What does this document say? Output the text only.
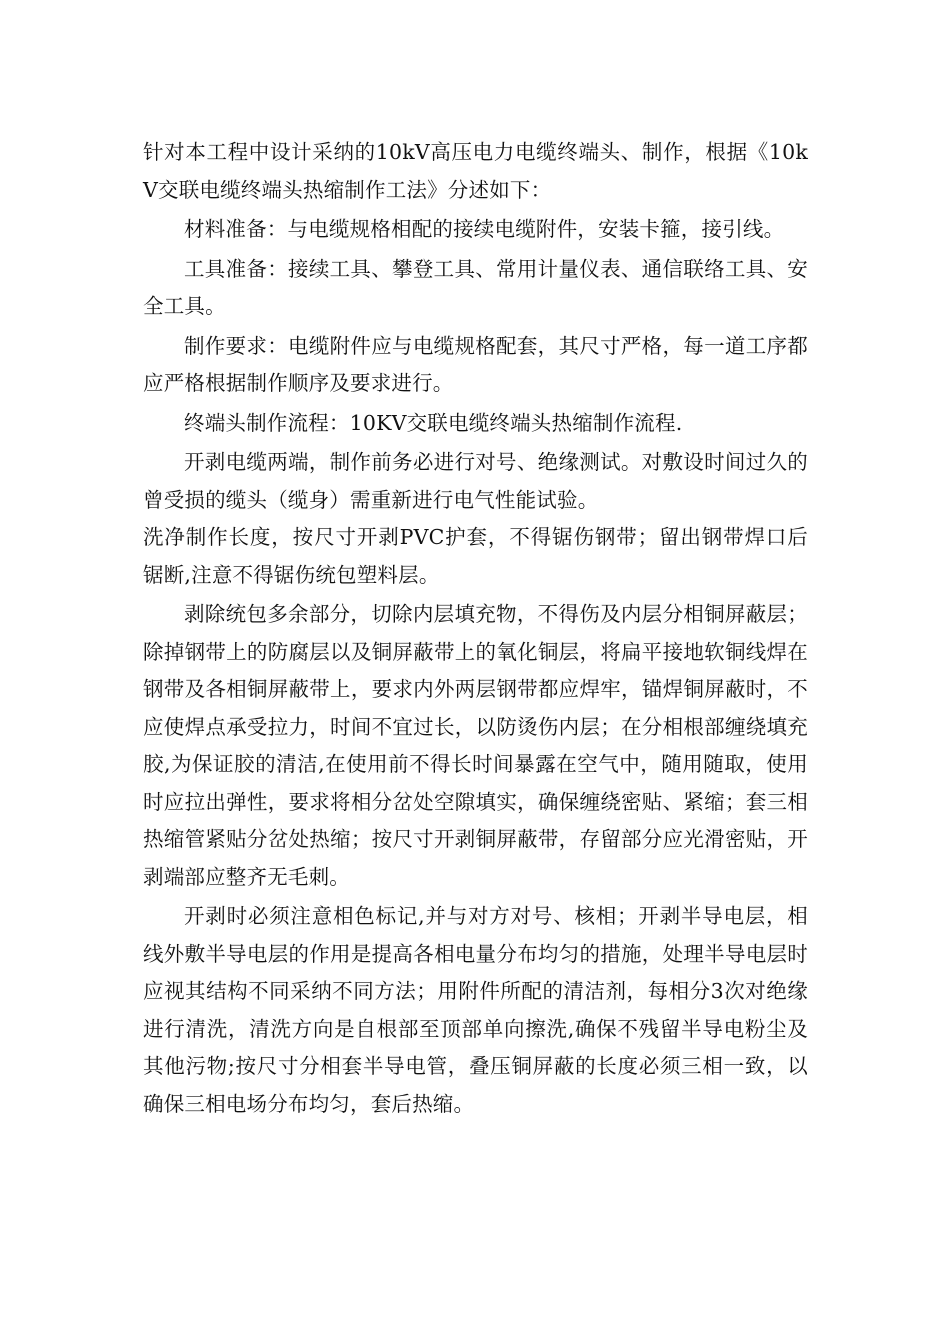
针对本工程中设计采纳的10kV高压电力电缆终端头、制作，根据《10kV交联电缆终端头热缩制作工法》分述如下：

材料准备：与电缆规格相配的接续电缆附件，安装卡箍，接引线。

工具准备：接续工具、攀登工具、常用计量仪表、通信联络工具、安全工具。

制作要求：电缆附件应与电缆规格配套，其尺寸严格，每一道工序都应严格根据制作顺序及要求进行。

终端头制作流程：10KV交联电缆终端头热缩制作流程.

开剥电缆两端，制作前务必进行对号、绝缘测试。对敷设时间过久的曾受损的缆头（缆身）需重新进行电气性能试验。

洗净制作长度，按尺寸开剥PVC护套，不得锯伤钢带；留出钢带焊口后锯断,注意不得锯伤统包塑料层。

剥除统包多余部分，切除内层填充物，不得伤及内层分相铜屏蔽层；除掉钢带上的防腐层以及铜屏蔽带上的氧化铜层，将扁平接地软铜线焊在钢带及各相铜屏蔽带上，要求内外两层钢带都应焊牢，锚焊铜屏蔽时，不应使焊点承受拉力，时间不宜过长，以防烫伤内层；在分相根部缠绕填充胶,为保证胶的清洁,在使用前不得长时间暴露在空气中，随用随取，使用时应拉出弹性，要求将相分岔处空隙填实，确保缠绕密贴、紧缩；套三相热缩管紧贴分岔处热缩；按尺寸开剥铜屏蔽带，存留部分应光滑密贴，开剥端部应整齐无毛刺。

开剥时必须注意相色标记,并与对方对号、核相；开剥半导电层，相线外敷半导电层的作用是提高各相电量分布均匀的措施，处理半导电层时应视其结构不同采纳不同方法；用附件所配的清洁剂，每相分3次对绝缘进行清洗，清洗方向是自根部至顶部单向擦洗,确保不残留半导电粉尘及其他污物;按尺寸分相套半导电管，叠压铜屏蔽的长度必须三相一致，以确保三相电场分布均匀，套后热缩。
